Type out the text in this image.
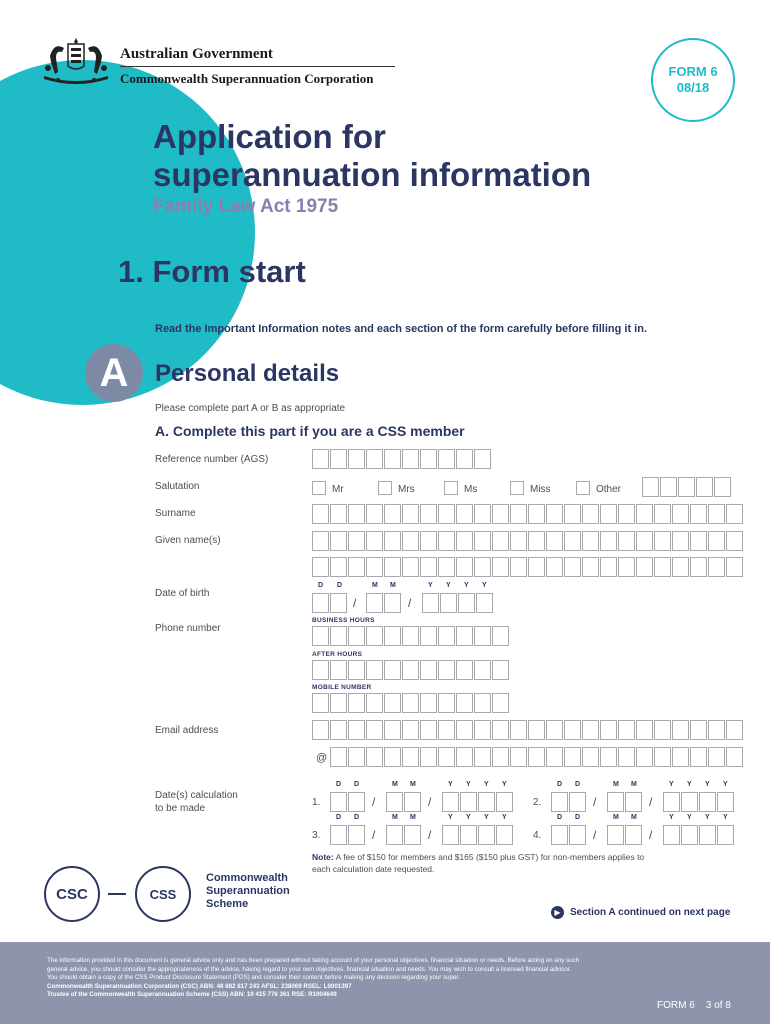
Australian Government
Commonwealth Superannuation Corporation	FORM 6
08/18
Application for
superannuation information
Family Law Act 1975
1. Form start
Read the Important Information notes and each section of the form carefully before filling it in.
A	Personal details
Please complete part A or B as appropriate
A. Complete this part if you are a CSS member
Reference number (AGS)
Salutation	Mr	Mrs	Ms	Miss	Other
Surname
Given name(s)
Date of birth
D D	M M	Y Y Y Y
/	/
Phone number
BUSINESS HOURS
AFTER HOURS
MOBILE NUMBER
Email address
@
Date(s) calculation
to be made
D D	M M	Y Y Y Y
1.	/	/
D D	M M	Y Y Y Y
2.	/	/
D D	M M	Y Y Y Y
3.	/	/
D D	M M	Y Y Y Y
4.	/	/
Note: A fee of $150 for members and $165 ($150 plus GST) for non-members applies to each calculation date requested.
CSC	CSS
Commonwealth
Superannuation
Scheme
▶ Section A continued on next page
The information provided in this document is general advice only and has been prepared without taking account of your personal objectives, financial situation or needs. Before acting on any such
general advice, you should consider the appropriateness of the advice, having regard to your own objectives, financial situation and needs. You may wish to consult a licensed financial advisor.
You should obtain a copy of the CSS Product Disclosure Statement (PDS) and consider their content before making any decision regarding your super.
Commonwealth Superannuation Corporation (CSC) ABN: 48 882 817 243 AFSL: 238069 RSEL: L0001397
Trustee of the Commonwealth Superannuation Scheme (CSS) ABN: 19 415 776 361 RSE: R1004649
FORM 6 3 of 8
